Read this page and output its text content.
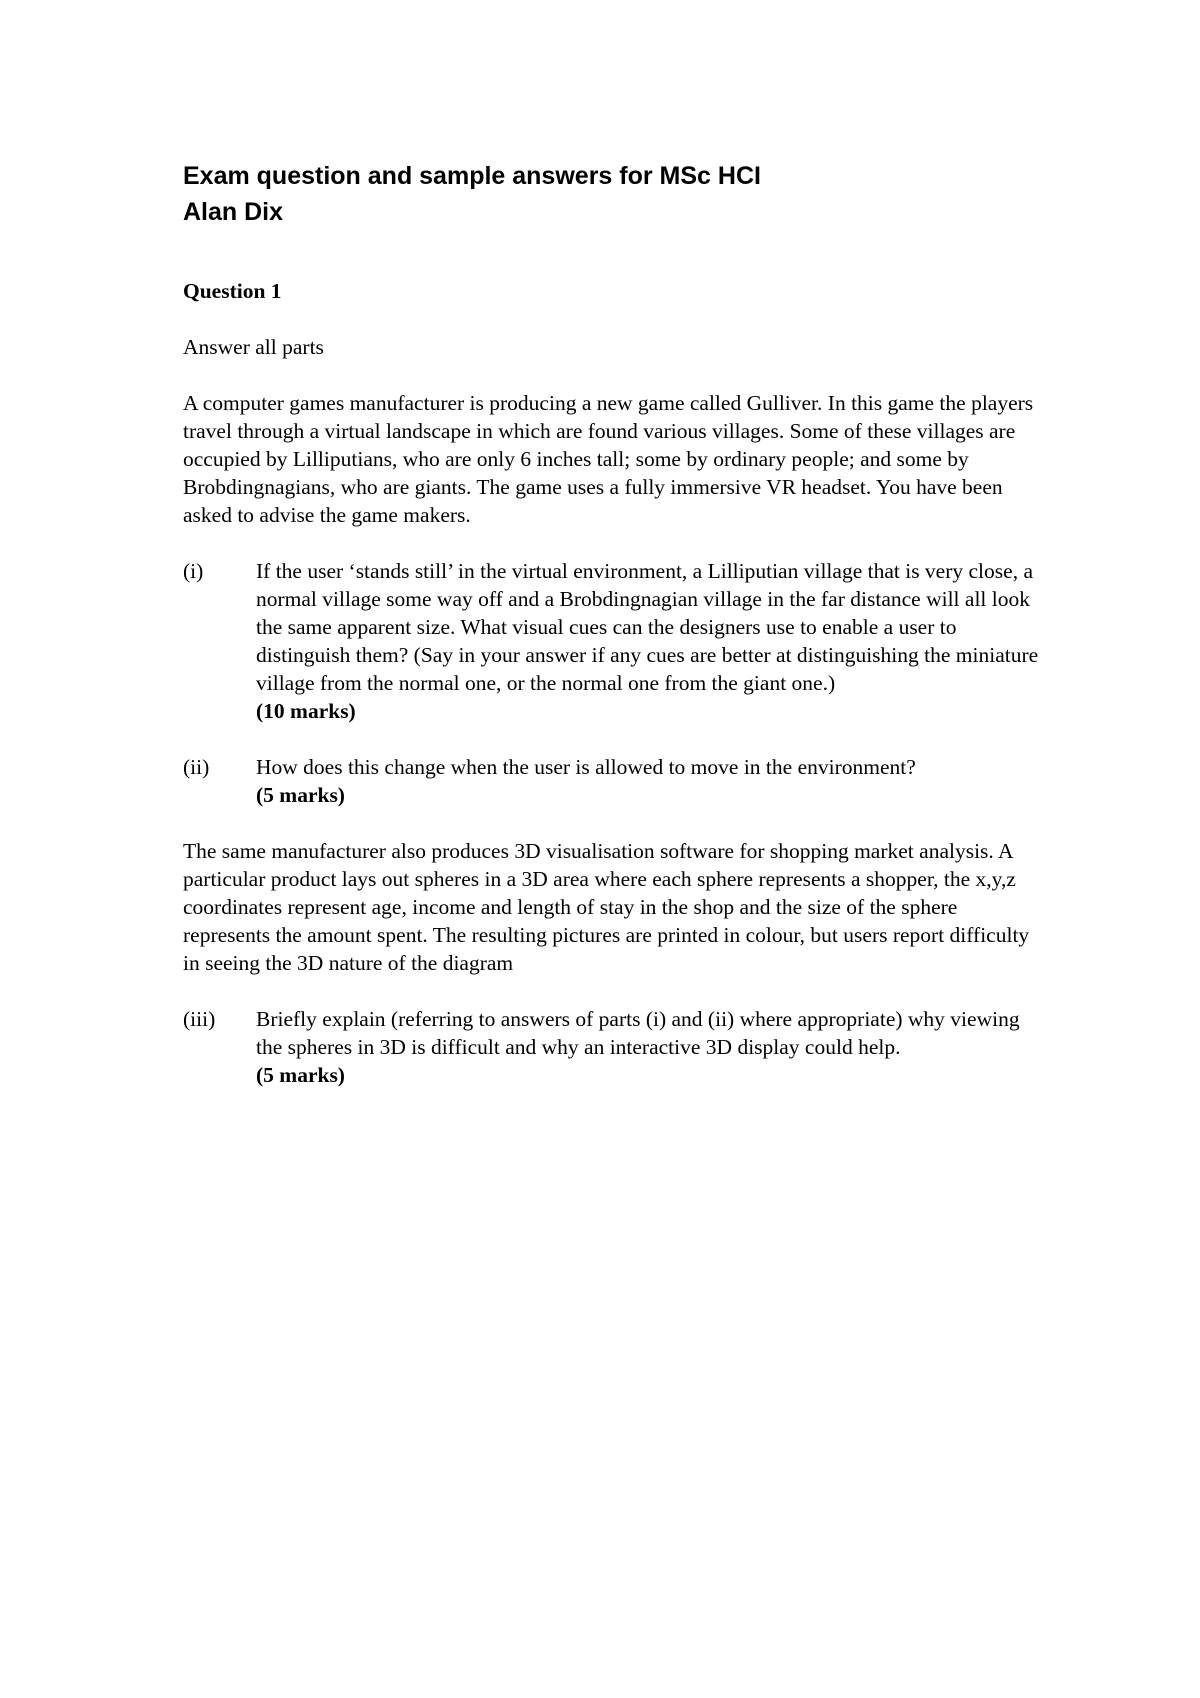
Exam question and sample answers for MSc HCI
Alan Dix
Question 1

Answer all parts

A computer games manufacturer is producing a new game called Gulliver. In this game the players travel through a virtual landscape in which are found various villages. Some of these villages are occupied by Lilliputians, who are only 6 inches tall; some by ordinary people; and some by Brobdingnagians, who are giants. The game uses a fully immersive VR headset. You have been asked to advise the game makers.

(i)	If the user ‘stands still’ in the virtual environment, a Lilliputian village that is very close, a normal village some way off and a Brobdingnagian village in the far distance will all look the same apparent size. What visual cues can the designers use to enable a user to distinguish them? (Say in your answer if any cues are better at distinguishing the miniature village from the normal one, or the normal one from the giant one.)
(10 marks)
(ii)	How does this change when the user is allowed to move in the environment?
(5 marks)

The same manufacturer also produces 3D visualisation software for shopping market analysis. A particular product lays out spheres in a 3D area where each sphere represents a shopper, the x,y,z coordinates represent age, income and length of stay in the shop and the size of the sphere represents the amount spent. The resulting pictures are printed in colour, but users report difficulty in seeing the 3D nature of the diagram

(iii)	Briefly explain (referring to answers of parts (i) and (ii) where appropriate) why viewing the spheres in 3D is difficult and why an interactive 3D display could help.
(5 marks)
